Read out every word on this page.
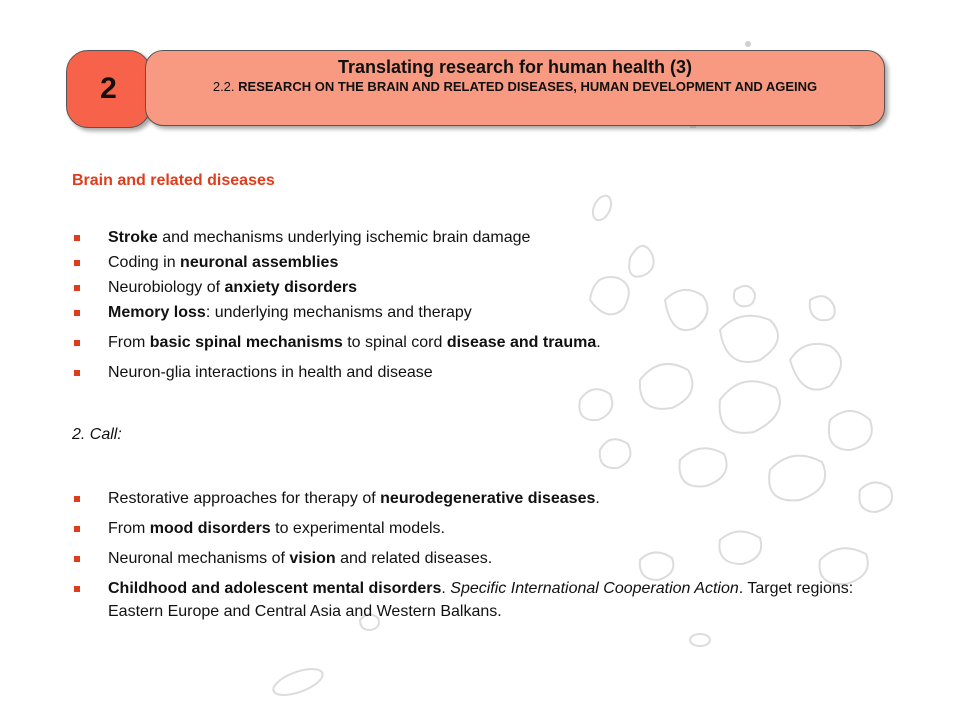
2
Translating research for human health (3)
2.2. RESEARCH ON THE BRAIN AND RELATED DISEASES, HUMAN DEVELOPMENT AND AGEING
Brain and related diseases
Stroke and mechanisms underlying ischemic brain damage
Coding in neuronal assemblies
Neurobiology of anxiety disorders
Memory loss: underlying mechanisms and therapy
From basic spinal mechanisms to spinal cord disease and trauma.
Neuron-glia interactions in health and disease
2. Call:
Restorative approaches for therapy of neurodegenerative diseases.
From mood disorders to experimental models.
Neuronal mechanisms of vision and related diseases.
Childhood and adolescent mental disorders. Specific International Cooperation Action. Target regions: Eastern Europe and Central Asia and Western Balkans.
